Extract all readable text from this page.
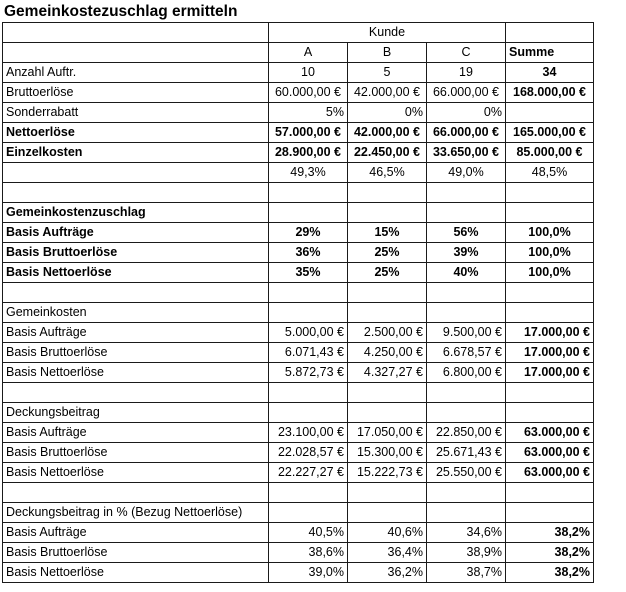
Gemeinkostezuschlag ermitteln
	Kunde			
	A	B	C	Summe
Anzahl Auftr.	10	5	19	34
Bruttoerlöse	60.000,00 €	42.000,00 €	66.000,00 €	168.000,00 €
Sonderrabatt	5%	0%	0%	
Nettoerlöse	57.000,00 €	42.000,00 €	66.000,00 €	165.000,00 €
Einzelkosten	28.900,00 €	22.450,00 €	33.650,00 €	85.000,00 €
	49,3%	46,5%	49,0%	48,5%

Gemeinkostenzuschlag				
Basis Aufträge	29%	15%	56%	100,0%
Basis Bruttoerlöse	36%	25%	39%	100,0%
Basis Nettoerlöse	35%	25%	40%	100,0%

Gemeinkosten				
Basis Aufträge	5.000,00 €	2.500,00 €	9.500,00 €	17.000,00 €
Basis Bruttoerlöse	6.071,43 €	4.250,00 €	6.678,57 €	17.000,00 €
Basis Nettoerlöse	5.872,73 €	4.327,27 €	6.800,00 €	17.000,00 €

Deckungsbeitrag				
Basis Aufträge	23.100,00 €	17.050,00 €	22.850,00 €	63.000,00 €
Basis Bruttoerlöse	22.028,57 €	15.300,00 €	25.671,43 €	63.000,00 €
Basis Nettoerlöse	22.227,27 €	15.222,73 €	25.550,00 €	63.000,00 €

Deckungsbeitrag in % (Bezug Nettoerlöse)				
Basis Aufträge	40,5%	40,6%	34,6%	38,2%
Basis Bruttoerlöse	38,6%	36,4%	38,9%	38,2%
Basis Nettoerlöse	39,0%	36,2%	38,7%	38,2%
